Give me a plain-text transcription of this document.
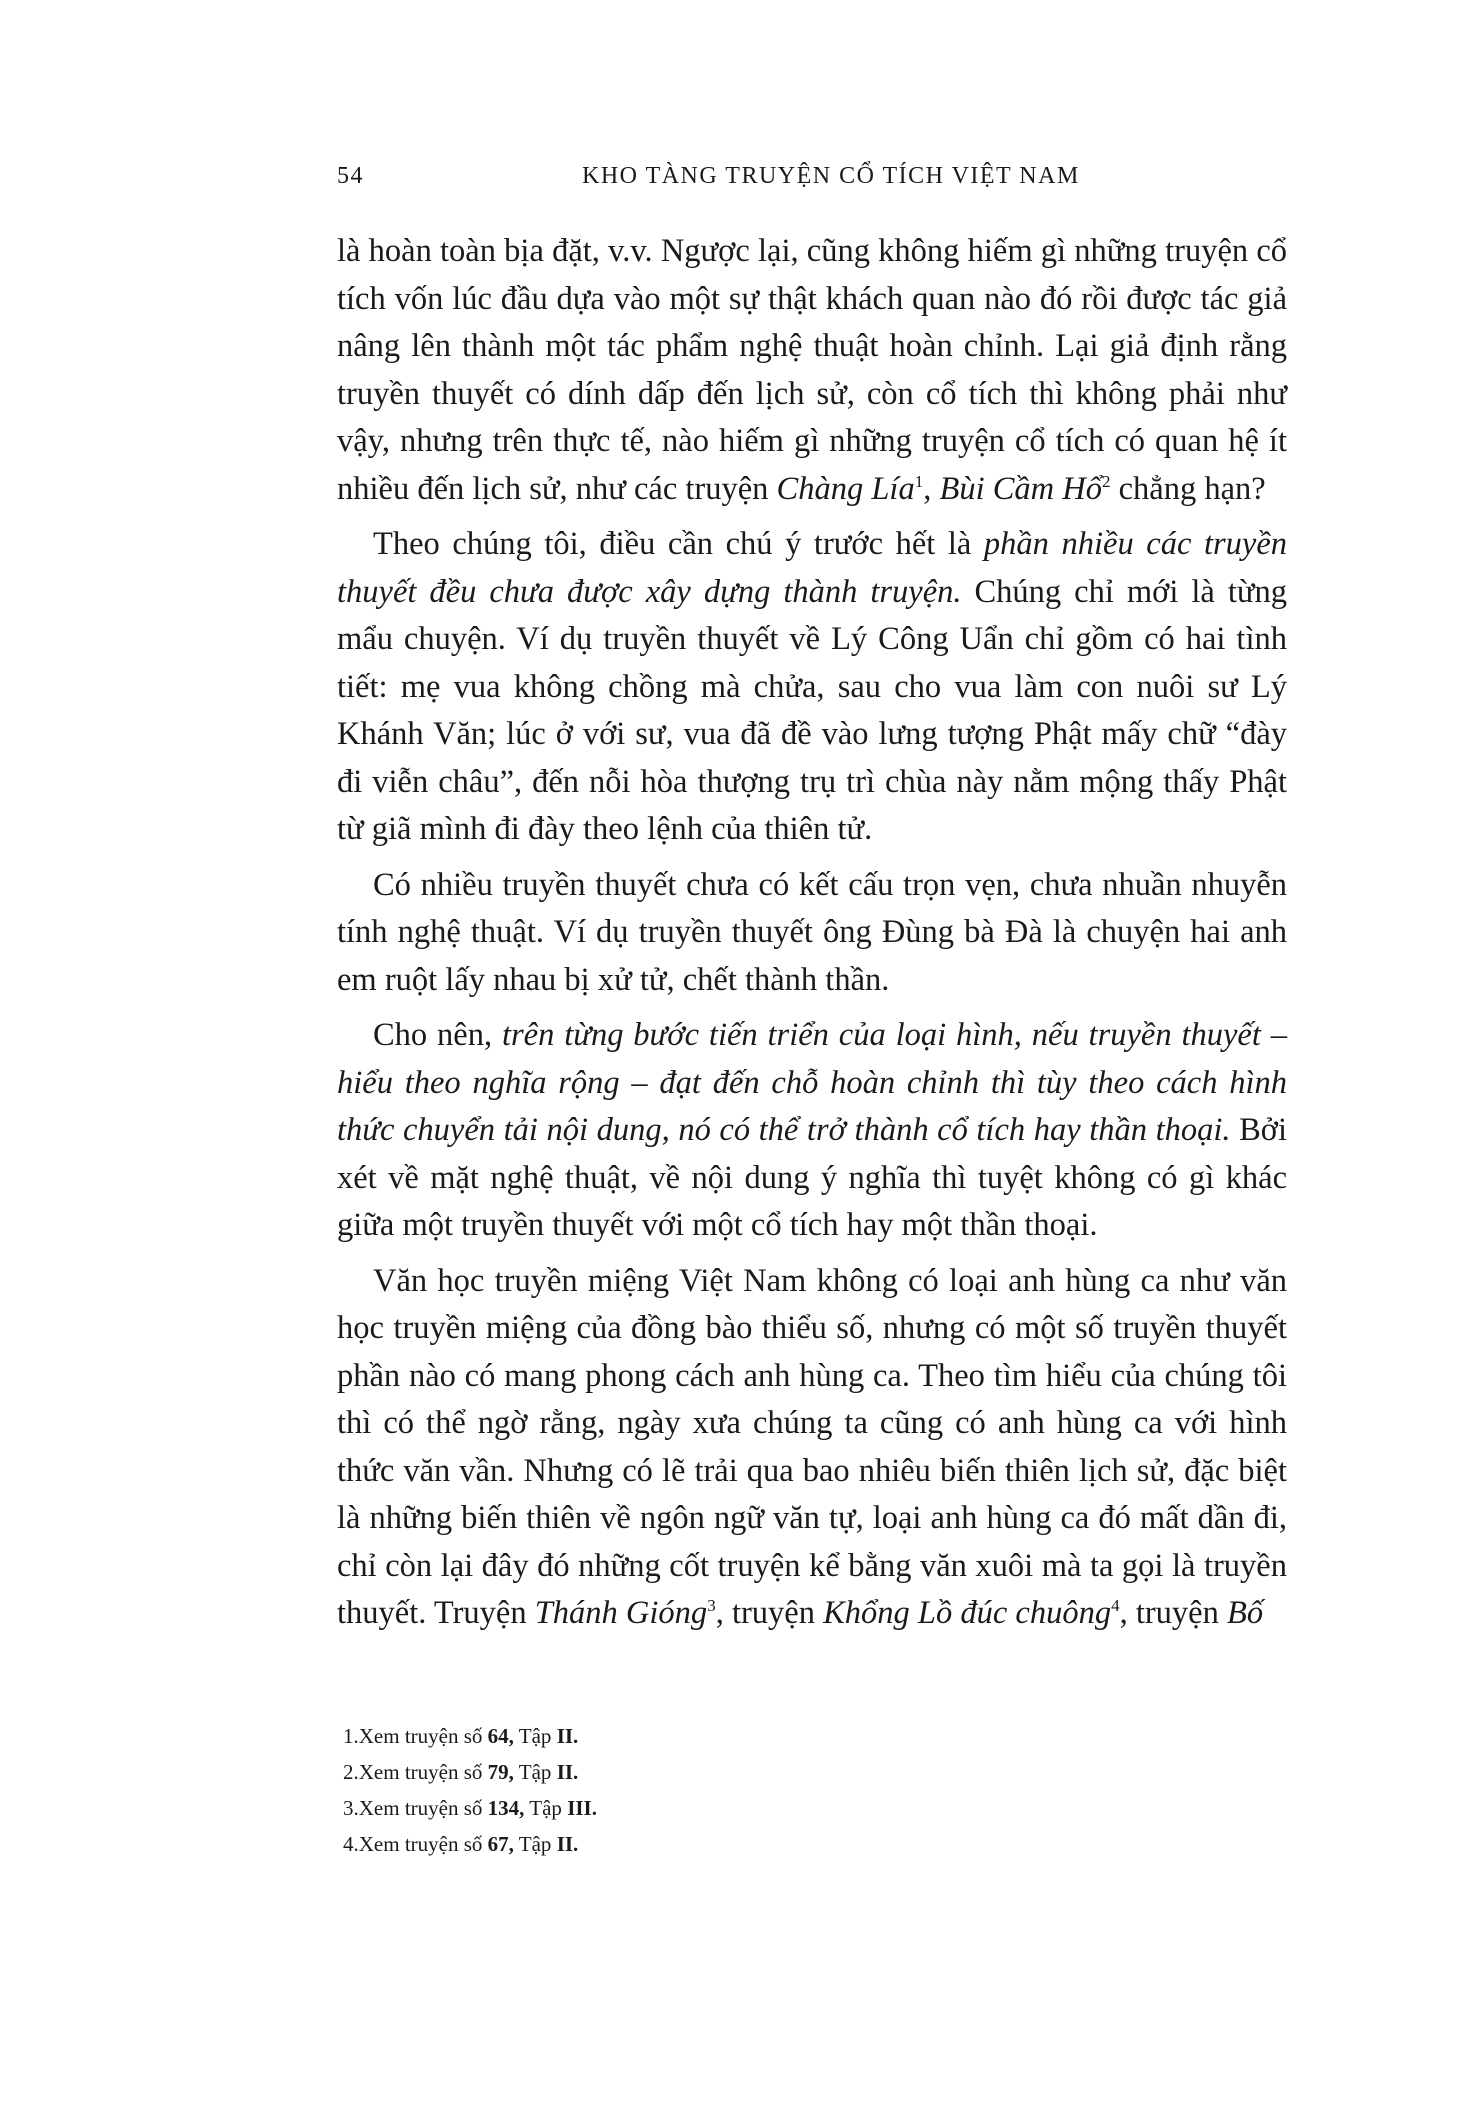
54	KHO TÀNG TRUYỆN CỔ TÍCH VIỆT NAM

là hoàn toàn bịa đặt, v.v. Ngược lại, cũng không hiếm gì những truyện cổ tích vốn lúc đầu dựa vào một sự thật khách quan nào đó rồi được tác giả nâng lên thành một tác phẩm nghệ thuật hoàn chỉnh. Lại giả định rằng truyền thuyết có dính dấp đến lịch sử, còn cổ tích thì không phải như vậy, nhưng trên thực tế, nào hiếm gì những truyện cổ tích có quan hệ ít nhiều đến lịch sử, như các truyện Chàng Lía$^1$, Bùi Cầm Hổ$^2$ chẳng hạn?

Theo chúng tôi, điều cần chú ý trước hết là phần nhiều các truyền thuyết đều chưa được xây dựng thành truyện. Chúng chỉ mới là từng mẩu chuyện. Ví dụ truyền thuyết về Lý Công Uẩn chỉ gồm có hai tình tiết: mẹ vua không chồng mà chửa, sau cho vua làm con nuôi sư Lý Khánh Văn; lúc ở với sư, vua đã đề vào lưng tượng Phật mấy chữ “đày đi viễn châu”, đến nỗi hòa thượng trụ trì chùa này nằm mộng thấy Phật từ giã mình đi đày theo lệnh của thiên tử.

Có nhiều truyền thuyết chưa có kết cấu trọn vẹn, chưa nhuần nhuyễn tính nghệ thuật. Ví dụ truyền thuyết ông Đùng bà Đà là chuyện hai anh em ruột lấy nhau bị xử tử, chết thành thần.

Cho nên, trên từng bước tiến triển của loại hình, nếu truyền thuyết – hiểu theo nghĩa rộng – đạt đến chỗ hoàn chỉnh thì tùy theo cách hình thức chuyển tải nội dung, nó có thể trở thành cổ tích hay thần thoại. Bởi xét về mặt nghệ thuật, về nội dung ý nghĩa thì tuyệt không có gì khác giữa một truyền thuyết với một cổ tích hay một thần thoại.

Văn học truyền miệng Việt Nam không có loại anh hùng ca như văn học truyền miệng của đồng bào thiểu số, nhưng có một số truyền thuyết phần nào có mang phong cách anh hùng ca. Theo tìm hiểu của chúng tôi thì có thể ngờ rằng, ngày xưa chúng ta cũng có anh hùng ca với hình thức văn vần. Nhưng có lẽ trải qua bao nhiêu biến thiên lịch sử, đặc biệt là những biến thiên về ngôn ngữ văn tự, loại anh hùng ca đó mất dần đi, chỉ còn lại đây đó những cốt truyện kể bằng văn xuôi mà ta gọi là truyền thuyết. Truyện Thánh Gióng$^3$, truyện Khổng Lồ đúc chuông$^4$, truyện Bố

1.Xem truyện số 64, Tập II.
2.Xem truyện số 79, Tập II.
3.Xem truyện số 134, Tập III.
4.Xem truyện số 67, Tập II.
